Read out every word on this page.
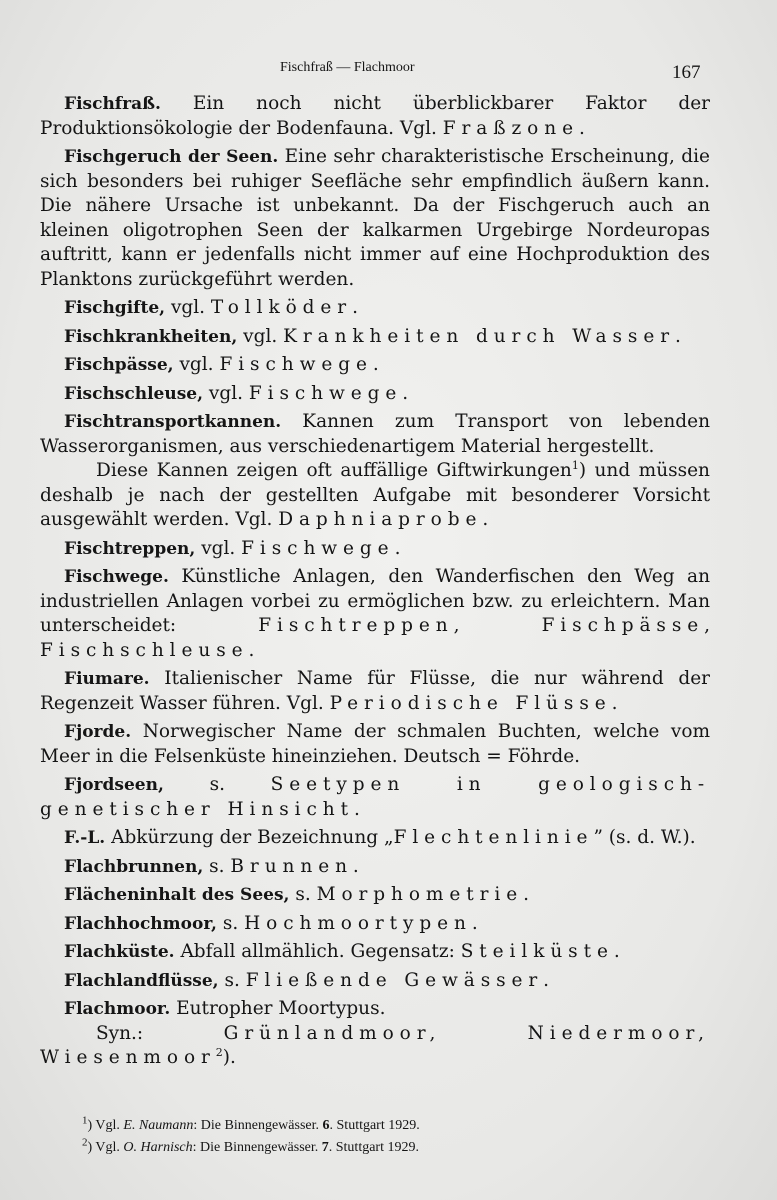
Fischfraß — Flachmoor	167
Fischfraß. Ein noch nicht überblickbarer Faktor der Produktionsökologie der Bodenfauna. Vgl. Fraßzone.
Fischgeruch der Seen. Eine sehr charakteristische Erscheinung, die sich besonders bei ruhiger Seefläche sehr empfindlich äußern kann. Die nähere Ursache ist unbekannt. Da der Fischgeruch auch an kleinen oligotrophen Seen der kalkarmen Urgebirge Nordeuropas auftritt, kann er jedenfalls nicht immer auf eine Hochproduktion des Planktons zurückgeführt werden.
Fischgifte, vgl. Tollköder.
Fischkrankheiten, vgl. Krankheiten durch Wasser.
Fischpässe, vgl. Fischwege.
Fischschleuse, vgl. Fischwege.

Fischtransportkannen. Kannen zum Transport von lebenden Wasserorganismen, aus verschiedenartigem Material hergestellt.

Diese Kannen zeigen oft auffällige Giftwirkungen$^1$) und müssen deshalb je nach der gestellten Aufgabe mit besonderer Vorsicht ausgewählt werden. Vgl. Daphniaprobe.

Fischtreppen, vgl. Fischwege.
Fischwege. Künstliche Anlagen, den Wanderfischen den Weg an industriellen Anlagen vorbei zu ermöglichen bzw. zu erleichtern. Man unterscheidet: Fischtreppen, Fischpässe, Fischschleuse.
Fiumare. Italienischer Name für Flüsse, die nur während der Regenzeit Wasser führen. Vgl. Periodische Flüsse.
Fjorde. Norwegischer Name der schmalen Buchten, welche vom Meer in die Felsenküste hineinziehen. Deutsch = Föhrde.
Fjordseen, s. Seetypen in geologisch-genetischer Hinsicht.
F.-L. Abkürzung der Bezeichnung „Flechtenlinie” (s. d. W.).
Flachbrunnen, s. Brunnen.
Flächeninhalt des Sees, s. Morphometrie.
Flachhochmoor, s. Hochmoortypen.
Flachküste. Abfall allmählich. Gegensatz: Steilküste.
Flachlandflüsse, s. Fließende Gewässer.
Flachmoor. Eutropher Moortypus.
Syn.: Grünlandmoor, Niedermoor, Wiesenmoor$^2$).
$^1$) Vgl. E. Naumann: Die Binnengewässer. 6. Stuttgart 1929.
$^2$) Vgl. O. Harnisch: Die Binnengewässer. 7. Stuttgart 1929.
